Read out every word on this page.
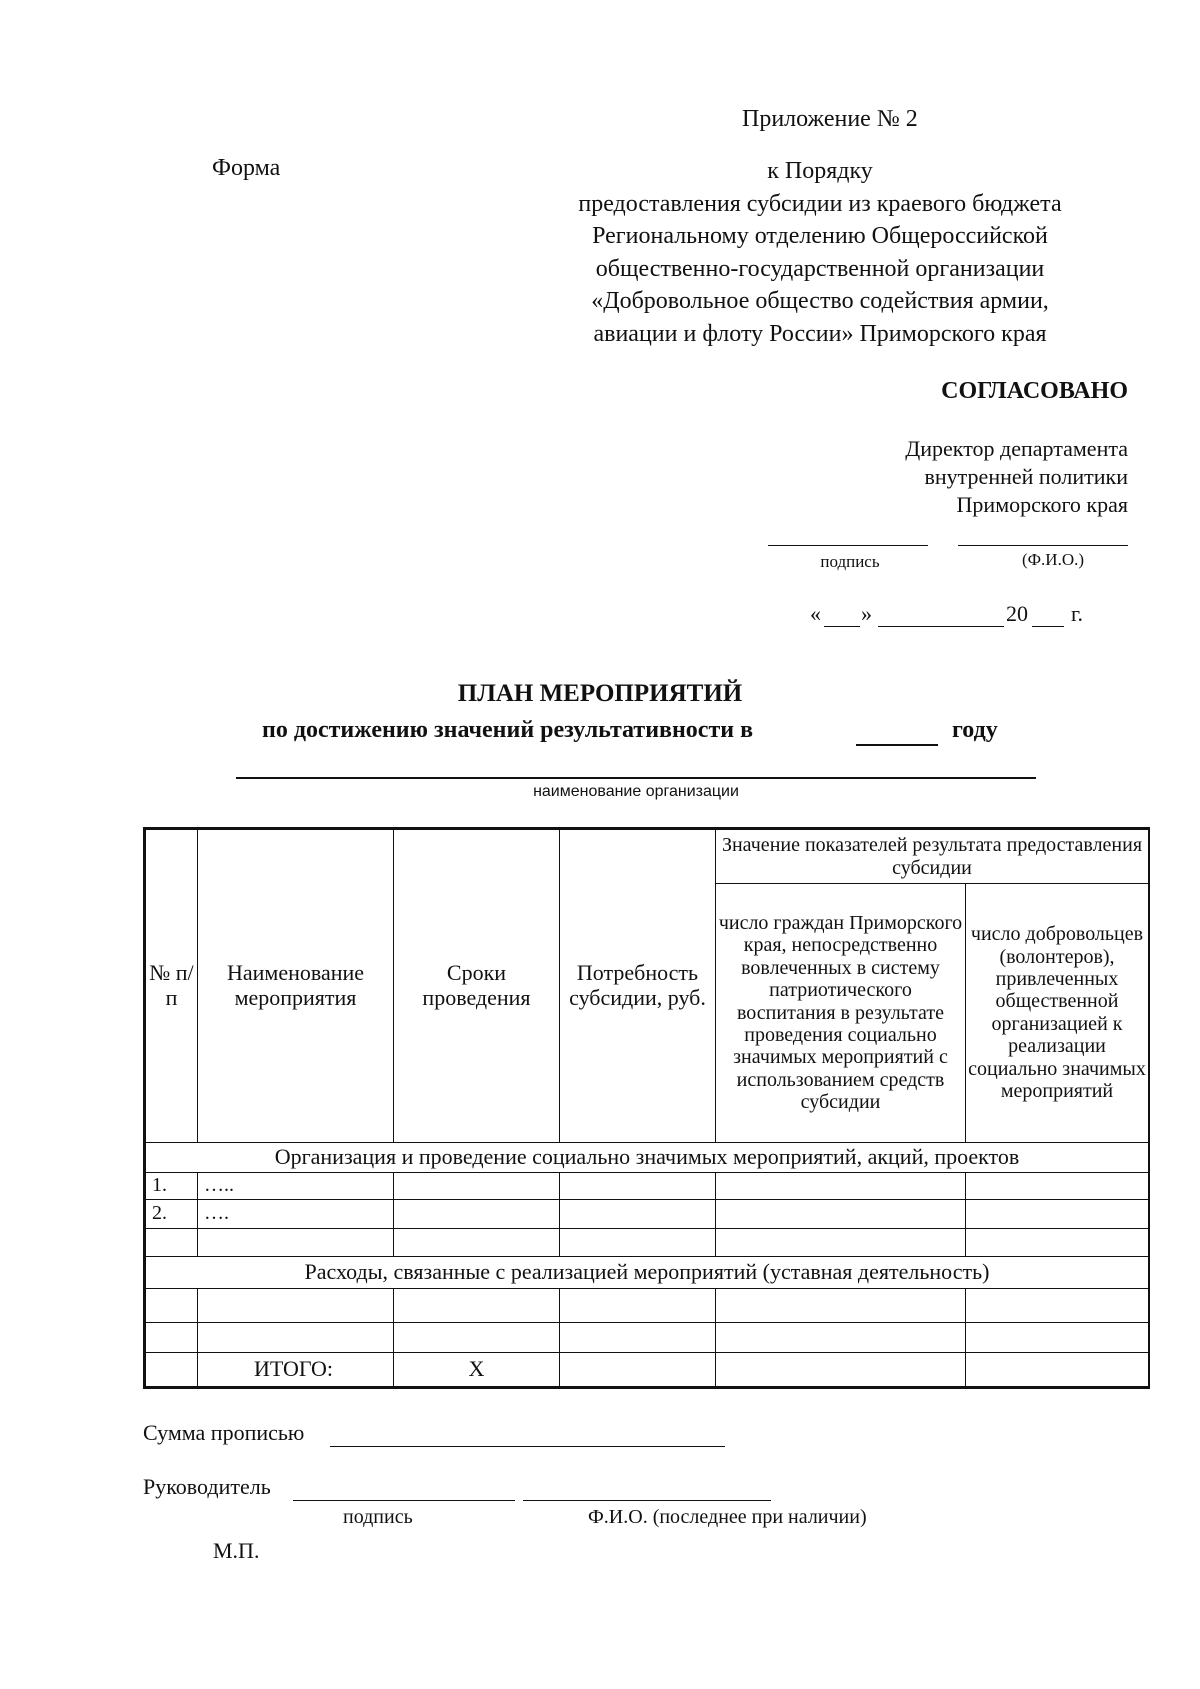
Приложение № 2
Форма	к Порядку
предоставления субсидии из краевого бюджета
Региональному отделению Общероссийской
общественно-государственной организации
«Добровольное общество содействия армии,
авиации и флоту России» Приморского края
СОГЛАСОВАНО
Директор департамента
внутренней политики
Приморского края
подпись	(Ф.И.О.)
« »	20 г.
ПЛАН МЕРОПРИЯТИЙ
по достижению значений результативности в	году
наименование организации
№ п/п	Наименование мероприятия	Сроки проведения	Потребность субсидии, руб.	Значение показателей результата предоставления субсидии	
				число граждан Приморского края, непосредственно вовлеченных в систему патриотического воспитания в результате проведения социально значимых мероприятий с использованием средств субсидии	число добровольцев (волонтеров), привлеченных общественной организацией к реализации социально значимых мероприятий
Организация и проведение социально значимых мероприятий, акций, проектов					
1.	…..				
2.	….				

Расходы, связанные с реализацией мероприятий (уставная деятельность)					

	ИТОГО:	Х			
Сумма прописью
Руководитель
подпись	Ф.И.О. (последнее при наличии)
М.П.
